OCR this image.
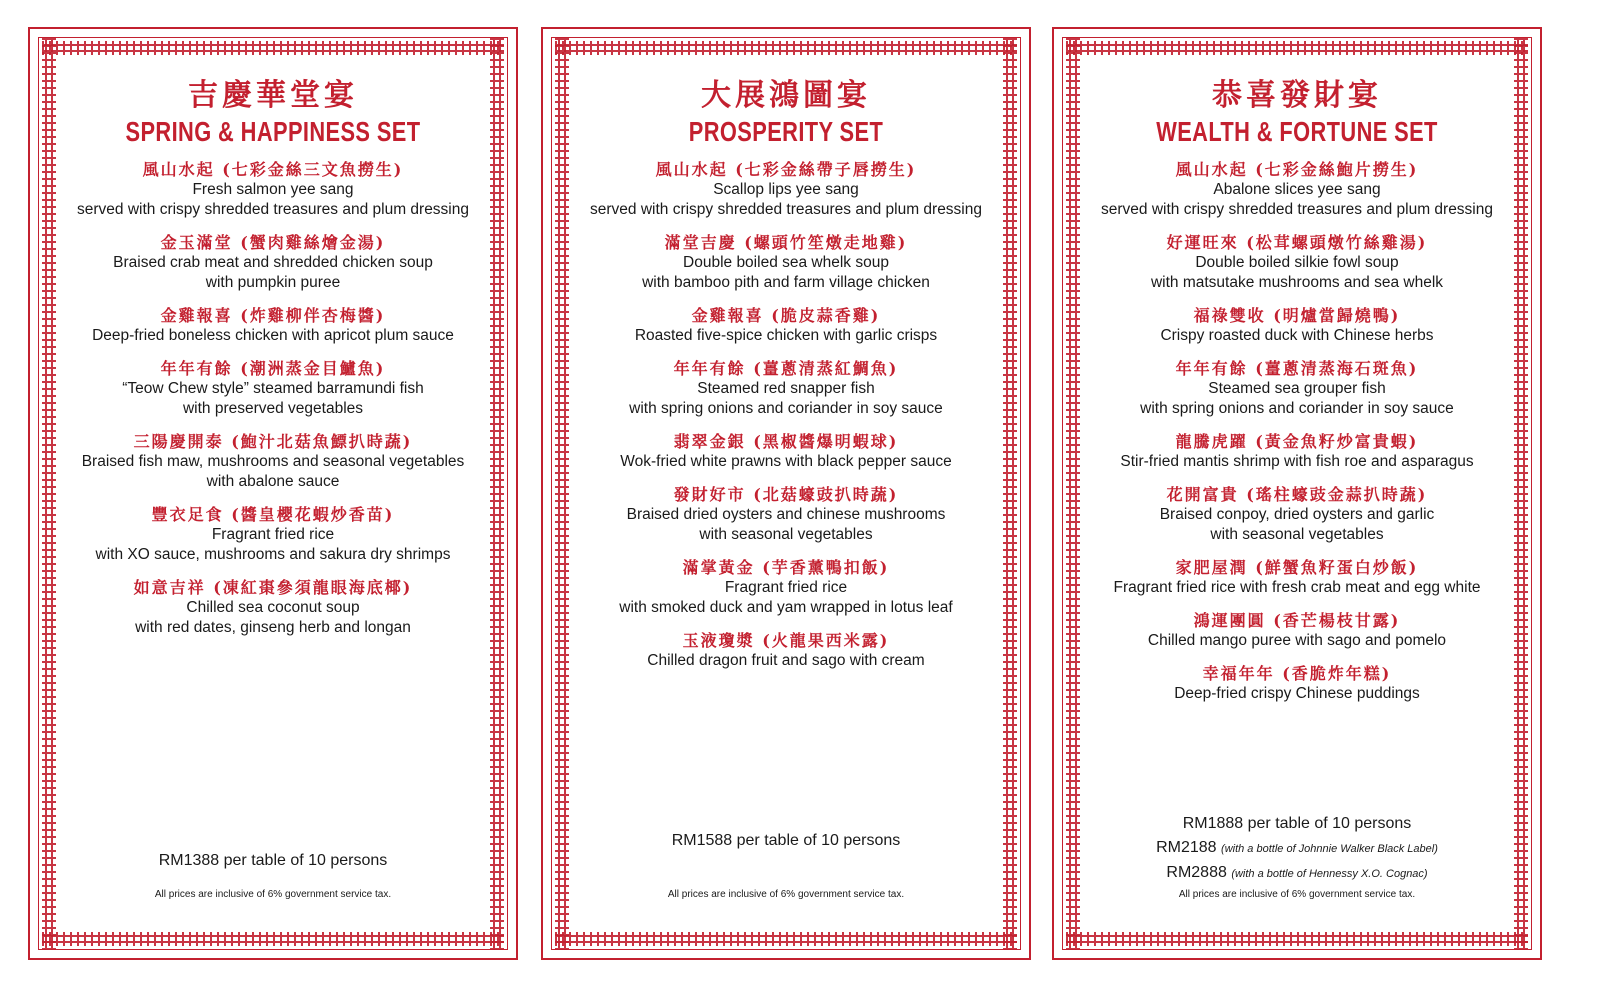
吉慶華堂宴
SPRING & HAPPINESS SET
風山水起 (七彩金絲三文魚撈生)
Fresh salmon yee sang
served with crispy shredded treasures and plum dressing
金玉滿堂 (蟹肉雞絲燴金湯)
Braised crab meat and shredded chicken soup
with pumpkin puree
金雞報喜 (炸雞柳伴杏梅醬)
Deep-fried boneless chicken with apricot plum sauce
年年有餘 (潮洲蒸金目鱸魚)
“Teow Chew style” steamed barramundi fish
with preserved vegetables
三陽慶開泰 (鮑汁北菇魚鰾扒時蔬)
Braised fish maw, mushrooms and seasonal vegetables
with abalone sauce
豐衣足食 (醬皇櫻花蝦炒香苗)
Fragrant fried rice
with XO sauce, mushrooms and sakura dry shrimps
如意吉祥 (凍紅棗參須龍眼海底椰)
Chilled sea coconut soup
with red dates, ginseng herb and longan
RM1388 per table of 10 persons
All prices are inclusive of 6% government service tax.
大展鴻圖宴
PROSPERITY SET
風山水起 (七彩金絲帶子唇撈生)
Scallop lips yee sang
served with crispy shredded treasures and plum dressing
滿堂吉慶 (螺頭竹笙燉走地雞)
Double boiled sea whelk soup
with bamboo pith and farm village chicken
金雞報喜 (脆皮蒜香雞)
Roasted five-spice chicken with garlic crisps
年年有餘 (薑蔥清蒸紅鯛魚)
Steamed red snapper fish
with spring onions and coriander in soy sauce
翡翠金銀 (黑椒醬爆明蝦球)
Wok-fried white prawns with black pepper sauce
發財好市 (北菇蠔豉扒時蔬)
Braised dried oysters and chinese mushrooms
with seasonal vegetables
滿掌黃金 (芋香薰鴨扣飯)
Fragrant fried rice
with smoked duck and yam wrapped in lotus leaf
玉液瓊漿 (火龍果西米露)
Chilled dragon fruit and sago with cream
RM1588 per table of 10 persons
All prices are inclusive of 6% government service tax.
恭喜發財宴
WEALTH & FORTUNE SET
風山水起 (七彩金絲鮑片撈生)
Abalone slices yee sang
served with crispy shredded treasures and plum dressing
好運旺來 (松茸螺頭燉竹絲雞湯)
Double boiled silkie fowl soup
with matsutake mushrooms and sea whelk
福祿雙收 (明爐當歸燒鴨)
Crispy roasted duck with Chinese herbs
年年有餘 (薑蔥清蒸海石斑魚)
Steamed sea grouper fish
with spring onions and coriander in soy sauce
龍騰虎躍 (黃金魚籽炒富貴蝦)
Stir-fried mantis shrimp with fish roe and asparagus
花開富貴 (瑤柱蠔豉金蒜扒時蔬)
Braised conpoy, dried oysters and garlic
with seasonal vegetables
家肥屋潤 (鮮蟹魚籽蛋白炒飯)
Fragrant fried rice with fresh crab meat and egg white
鴻運團圓 (香芒楊枝甘露)
Chilled mango puree with sago and pomelo
幸福年年 (香脆炸年糕)
Deep-fried crispy Chinese puddings
RM1888 per table of 10 persons
RM2188 (with a bottle of Johnnie Walker Black Label)
RM2888 (with a bottle of Hennessy X.O. Cognac)
All prices are inclusive of 6% government service tax.
